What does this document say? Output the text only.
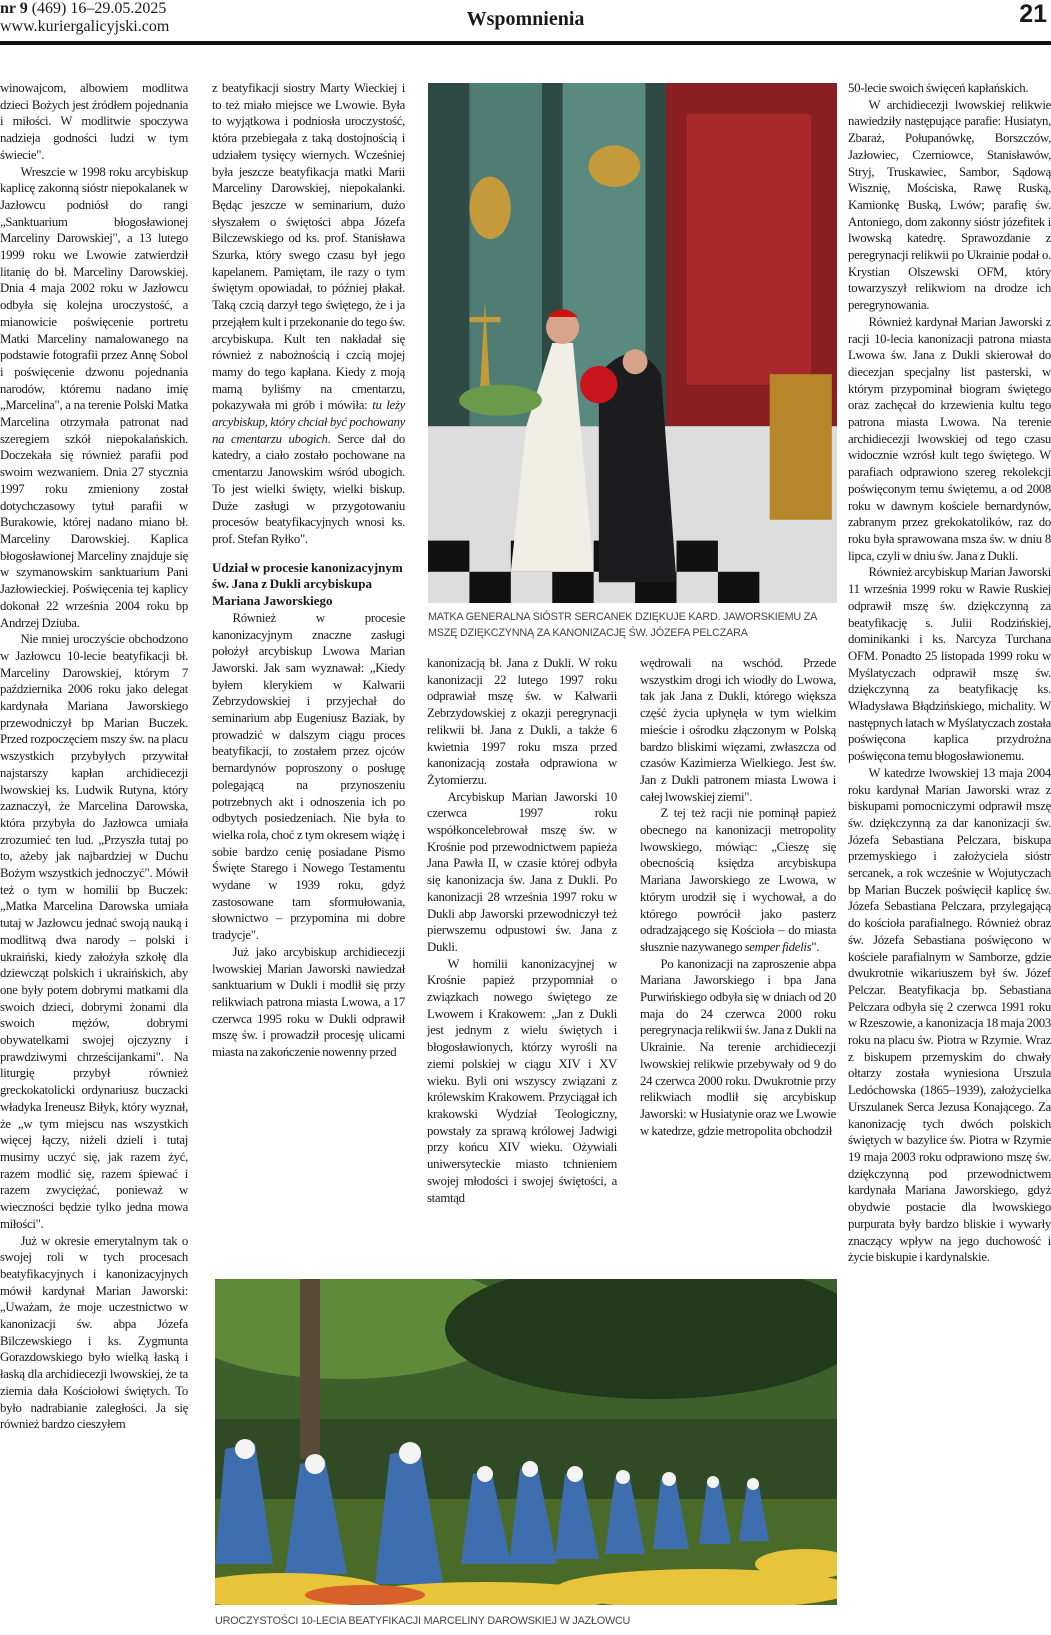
nr 9 (469) 16–29.05.2025
www.kuriergalicyjski.com	Wspomnienia	21
MATKA GENERALNA SIÓSTR SERCANEK DZIĘKUJE KARD. JAWORSKIEMU ZA MSZĘ DZIĘKCZYNNĄ ZA KANONIZACJĘ ŚW. JÓZEFA PELCZARA
UROCZYSTOŚCI 10-LECIA BEATYFIKACJI MARCELINY DAROWSKIEJ W JAZŁOWCU

winowajcom, albowiem modlitwa dzieci Bożych jest źródłem pojednania i miłości. W modlitwie spoczywa nadzieja godności ludzi w tym świecie".

Wreszcie w 1998 roku arcybiskup kaplicę zakonną sióstr niepokalanek w Jazłowcu podniósł do rangi „Sanktuarium błogosławionej Marceliny Darowskiej", a 13 lutego 1999 roku we Lwowie zatwierdził litanię do bł. Marceliny Darowskiej. Dnia 4 maja 2002 roku w Jazłowcu odbyła się kolejna uroczystość, a mianowicie poświęcenie portretu Matki Marceliny namalowanego na podstawie fotografii przez Annę Sobol i poświęcenie dzwonu pojednania narodów, któremu nadano imię „Marcelina", a na terenie Polski Matka Marcelina otrzymała patronat nad szeregiem szkół niepokalańskich. Doczekała się również parafii pod swoim wezwaniem. Dnia 27 stycznia 1997 roku zmieniony został dotychczasowy tytuł parafii w Burakowie, której nadano miano bł. Marceliny Darowskiej. Kaplica błogosławionej Marceliny znajduje się w szymanowskim sanktuarium Pani Jazłowieckiej. Poświęcenia tej kaplicy dokonał 22 września 2004 roku bp Andrzej Dziuba.

Nie mniej uroczyście obchodzono w Jazłowcu 10-lecie beatyfikacji bł. Marceliny Darowskiej, którym 7 października 2006 roku jako delegat kardynała Mariana Jaworskiego przewodniczył bp Marian Buczek. Przed rozpoczęciem mszy św. na placu wszystkich przybyłych przywitał najstarszy kapłan archidiecezji lwowskiej ks. Ludwik Rutyna, który zaznaczył, że Marcelina Darowska, która przybyła do Jazłowca umiała zrozumieć ten lud. „Przyszła tutaj po to, ażeby jak najbardziej w Duchu Bożym wszystkich jednoczyć". Mówił też o tym w homilii bp Buczek: „Matka Marcelina Darowska umiała tutaj w Jazłowcu jednać swoją nauką i modlitwą dwa narody – polski i ukraiński, kiedy założyła szkołę dla dziewcząt polskich i ukraińskich, aby one były potem dobrymi matkami dla swoich dzieci, dobrymi żonami dla swoich mężów, dobrymi obywatelkami swojej ojczyzny i prawdziwymi chrześcijankami". Na liturgię przybył również greckokatolicki ordynariusz buczacki władyka Ireneusz Biłyk, który wyznał, że „w tym miejscu nas wszystkich więcej łączy, niżeli dzieli i tutaj musimy uczyć się, jak razem żyć, razem modlić się, razem śpiewać i razem zwyciężać, ponieważ w wieczności będzie tylko jedna mowa miłości".

Już w okresie emerytalnym tak o swojej roli w tych procesach beatyfikacyjnych i kanonizacyjnych mówił kardynał Marian Jaworski: „Uważam, że moje uczestnictwo w kanonizacji św. abpa Józefa Bilczewskiego i ks. Zygmunta Gorazdowskiego było wielką łaską i łaską dla archidiecezji lwowskiej, że ta ziemia dała Kościołowi świętych. To było nadrabianie zaległości. Ja się również bardzo cieszyłem

z beatyfikacji siostry Marty Wieckiej i to też miało miejsce we Lwowie. Była to wyjątkowa i podniosła uroczystość, która przebiegała z taką dostojnością i udziałem tysięcy wiernych. Wcześniej była jeszcze beatyfikacja matki Marii Marceliny Darowskiej, niepokalanki. Będąc jeszcze w seminarium, dużo słyszałem o świętości abpa Józefa Bilczewskiego od ks. prof. Stanisława Szurka, który swego czasu był jego kapelanem. Pamiętam, ile razy o tym świętym opowiadał, to później płakał. Taką czcią darzył tego świętego, że i ja przejąłem kult i przekonanie do tego św. arcybiskupa. Kult ten nakładał się również z nabożnością i czcią mojej mamy do tego kapłana. Kiedy z moją mamą byliśmy na cmentarzu, pokazywała mi grób i mówiła: tu leży arcybiskup, który chciał być pochowany na cmentarzu ubogich. Serce dał do katedry, a ciało zostało pochowane na cmentarzu Janowskim wśród ubogich. To jest wielki święty, wielki biskup. Duże zasługi w przygotowaniu procesów beatyfikacyjnych wnosi ks. prof. Stefan Ryłko".

Udział w procesie kanonizacyjnym św. Jana z Dukli arcybiskupa Mariana Jaworskiego

Również w procesie kanonizacyjnym znaczne zasługi położył arcybiskup Lwowa Marian Jaworski. Jak sam wyznawał: „Kiedy byłem klerykiem w Kalwarii Zebrzydowskiej i przyjechał do seminarium abp Eugeniusz Baziak, by prowadzić w dalszym ciągu proces beatyfikacji, to zostałem przez ojców bernardynów poproszony o posługę polegającą na przynoszeniu potrzebnych akt i odnoszenia ich po odbytych posiedzeniach. Nie była to wielka rola, choć z tym okresem wiążę i sobie bardzo cenię posiadane Pismo Święte Starego i Nowego Testamentu wydane w 1939 roku, gdyż zastosowane tam sformułowania, słownictwo – przypomina mi dobre tradycje".

Już jako arcybiskup archidiecezji lwowskiej Marian Jaworski nawiedzał sanktuarium w Dukli i modlił się przy relikwiach patrona miasta Lwowa, a 17 czerwca 1995 roku w Dukli odprawił mszę św. i prowadził procesję ulicami miasta na zakończenie nowenny przed

kanonizacją bł. Jana z Dukli. W roku kanonizacji 22 lutego 1997 roku odprawiał mszę św. w Kalwarii Zebrzydowskiej z okazji peregrynacji relikwii bł. Jana z Dukli, a także 6 kwietnia 1997 roku msza przed kanonizacją została odprawiona w Żytomierzu.

Arcybiskup Marian Jaworski 10 czerwca 1997 roku współkoncelebrował mszę św. w Krośnie pod przewodnictwem papieża Jana Pawła II, w czasie której odbyła się kanonizacja św. Jana z Dukli. Po kanonizacji 28 września 1997 roku w Dukli abp Jaworski przewodniczył też pierwszemu odpustowi św. Jana z Dukli.

W homilii kanonizacyjnej w Krośnie papież przypomniał o związkach nowego świętego ze Lwowem i Krakowem: „Jan z Dukli jest jednym z wielu świętych i błogosławionych, którzy wyrośli na ziemi polskiej w ciągu XIV i XV wieku. Byli oni wszyscy związani z królewskim Krakowem. Przyciągał ich krakowski Wydział Teologiczny, powstały za sprawą królowej Jadwigi przy końcu XIV wieku. Ożywiali uniwersyteckie miasto tchnieniem swojej młodości i swojej świętości, a stamtąd

wędrowali na wschód. Przede wszystkim drogi ich wiodły do Lwowa, tak jak Jana z Dukli, którego większa część życia upłynęła w tym wielkim mieście i ośrodku złączonym w Polską bardzo bliskimi więzami, zwłaszcza od czasów Kazimierza Wielkiego. Jest św. Jan z Dukli patronem miasta Lwowa i całej lwowskiej ziemi".

Z tej też racji nie pominął papież obecnego na kanonizacji metropolity lwowskiego, mówiąc: „Cieszę się obecnością księdza arcybiskupa Mariana Jaworskiego ze Lwowa, w którym urodził się i wychował, a do którego powrócił jako pasterz odradzającego się Kościoła – do miasta słusznie nazywanego semper fidelis".

Po kanonizacji na zaproszenie abpa Mariana Jaworskiego i bpa Jana Purwińskiego odbyła się w dniach od 20 maja do 24 czerwca 2000 roku peregrynacja relikwii św. Jana z Dukli na Ukrainie. Na terenie archidiecezji lwowskiej relikwie przebywały od 9 do 24 czerwca 2000 roku. Dwukrotnie przy relikwiach modlił się arcybiskup Jaworski: w Husiatynie oraz we Lwowie w katedrze, gdzie metropolita obchodził

50-lecie swoich święceń kapłańskich.

W archidiecezji lwowskiej relikwie nawiedziły następujące parafie: Husiatyn, Zbaraż, Połupanówkę, Borszczów, Jazłowiec, Czerniowce, Stanisławów, Stryj, Truskawiec, Sambor, Sądową Wisznię, Mościska, Rawę Ruską, Kamionkę Buską, Lwów; parafię św. Antoniego, dom zakonny sióstr józefitek i lwowską katedrę. Sprawozdanie z peregrynacji relikwii po Ukrainie podał o. Krystian Olszewski OFM, który towarzyszył relikwiom na drodze ich peregrynowania.

Również kardynał Marian Jaworski z racji 10-lecia kanonizacji patrona miasta Lwowa św. Jana z Dukli skierował do diecezjan specjalny list pasterski, w którym przypominał biogram świętego oraz zachęcał do krzewienia kultu tego patrona miasta Lwowa. Na terenie archidiecezji lwowskiej od tego czasu widocznie wzrósł kult tego świętego. W parafiach odprawiono szereg rekolekcji poświęconym temu świętemu, a od 2008 roku w dawnym kościele bernardynów, zabranym przez grekokatolików, raz do roku była sprawowana msza św. w dniu 8 lipca, czyli w dniu św. Jana z Dukli.

Również arcybiskup Marian Jaworski 11 września 1999 roku w Rawie Ruskiej odprawił mszę św. dziękczynną za beatyfikację s. Julii Rodzińskiej, dominikanki i ks. Narcyza Turchana OFM. Ponadto 25 listopada 1999 roku w Myślatyczach odprawił mszę św. dziękczynną za beatyfikację ks. Władysława Błądzińskiego, michality. W następnych latach w Myślatyczach została poświęcona kaplica przydrożna poświęcona temu błogosławionemu.

W katedrze lwowskiej 13 maja 2004 roku kardynał Marian Jaworski wraz z biskupami pomocniczymi odprawił mszę św. dziękczynną za dar kanonizacji św. Józefa Sebastiana Pelczara, biskupa przemyskiego i założyciela sióstr sercanek, a rok wcześnie w Wojutyczach bp Marian Buczek poświęcił kaplicę św. Józefa Sebastiana Pelczara, przylegającą do kościoła parafialnego. Również obraz św. Józefa Sebastiana poświęcono w kościele parafialnym w Samborze, gdzie dwukrotnie wikariuszem był św. Józef Pelczar. Beatyfikacja bp. Sebastiana Pelczara odbyła się 2 czerwca 1991 roku w Rzeszowie, a kanonizacja 18 maja 2003 roku na placu św. Piotra w Rzymie. Wraz z biskupem przemyskim do chwały ołtarzy została wyniesiona Urszula Ledóchowska (1865–1939), założycielka Urszulanek Serca Jezusa Konającego. Za kanonizację tych dwóch polskich świętych w bazylice św. Piotra w Rzymie 19 maja 2003 roku odprawiono mszę św. dziękczynną pod przewodnictwem kardynała Mariana Jaworskiego, gdyż obydwie postacie dla lwowskiego purpurata były bardzo bliskie i wywarły znaczący wpływ na jego duchowość i życie biskupie i kardynalskie.
